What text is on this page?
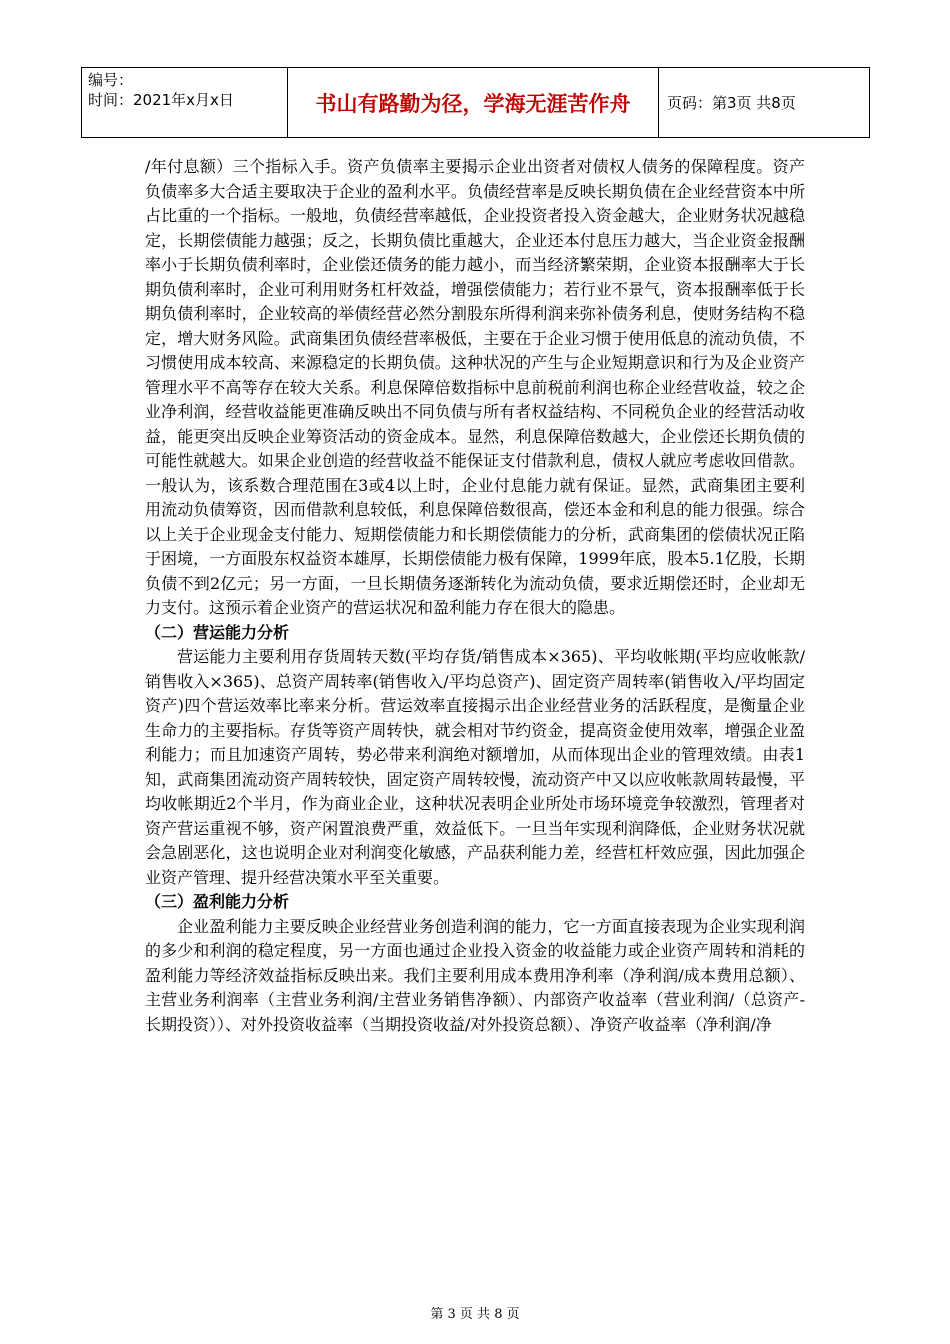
编号：
时间：2021年x月x日	书山有路勤为径，学海无涯苦作舟	页码：第3页 共8页

/年付息额）三个指标入手。资产负债率主要揭示企业出资者对债权人债务的保障程度。资产负债率多大合适主要取决于企业的盈利水平。负债经营率是反映长期负债在企业经营资本中所占比重的一个指标。一般地，负债经营率越低，企业投资者投入资金越大，企业财务状况越稳定，长期偿债能力越强；反之，长期负债比重越大，企业还本付息压力越大，当企业资金报酬率小于长期负债利率时，企业偿还债务的能力越小，而当经济繁荣期，企业资本报酬率大于长期负债利率时，企业可利用财务杠杆效益，增强偿债能力；若行业不景气，资本报酬率低于长期负债利率时，企业较高的举债经营必然分割股东所得利润来弥补债务利息，使财务结构不稳定，增大财务风险。武商集团负债经营率极低，主要在于企业习惯于使用低息的流动负债，不习惯使用成本较高、来源稳定的长期负债。这种状况的产生与企业短期意识和行为及企业资产管理水平不高等存在较大关系。利息保障倍数指标中息前税前利润也称企业经营收益，较之企业净利润，经营收益能更准确反映出不同负债与所有者权益结构、不同税负企业的经营活动收益，能更突出反映企业筹资活动的资金成本。显然，利息保障倍数越大，企业偿还长期负债的可能性就越大。如果企业创造的经营收益不能保证支付借款利息，债权人就应考虑收回借款。一般认为，该系数合理范围在3或4以上时，企业付息能力就有保证。显然，武商集团主要利用流动负债筹资，因而借款利息较低，利息保障倍数很高，偿还本金和利息的能力很强。综合以上关于企业现金支付能力、短期偿债能力和长期偿债能力的分析，武商集团的偿债状况正陷于困境，一方面股东权益资本雄厚，长期偿债能力极有保障，1999年底，股本5.1亿股，长期负债不到2亿元；另一方面，一旦长期债务逐渐转化为流动负债，要求近期偿还时，企业却无力支付。这预示着企业资产的营运状况和盈利能力存在很大的隐患。

（二）营运能力分析

营运能力主要利用存货周转天数(平均存货/销售成本×365)、平均收帐期(平均应收帐款/销售收入×365)、总资产周转率(销售收入/平均总资产)、固定资产周转率(销售收入/平均固定资产)四个营运效率比率来分析。营运效率直接揭示出企业经营业务的活跃程度，是衡量企业生命力的主要指标。存货等资产周转快，就会相对节约资金，提高资金使用效率，增强企业盈利能力；而且加速资产周转，势必带来利润绝对额增加，从而体现出企业的管理效绩。由表1知，武商集团流动资产周转较快，固定资产周转较慢，流动资产中又以应收帐款周转最慢，平均收帐期近2个半月，作为商业企业，这种状况表明企业所处市场环境竞争较激烈，管理者对资产营运重视不够，资产闲置浪费严重，效益低下。一旦当年实现利润降低，企业财务状况就会急剧恶化，这也说明企业对利润变化敏感，产品获利能力差，经营杠杆效应强，因此加强企业资产管理、提升经营决策水平至关重要。

（三）盈利能力分析

企业盈利能力主要反映企业经营业务创造利润的能力，它一方面直接表现为企业实现利润的多少和利润的稳定程度，另一方面也通过企业投入资金的收益能力或企业资产周转和消耗的盈利能力等经济效益指标反映出来。我们主要利用成本费用净利率（净利润/成本费用总额）、主营业务利润率（主营业务利润/主营业务销售净额）、内部资产收益率（营业利润/（总资产-长期投资））、对外投资收益率（当期投资收益/对外投资总额）、净资产收益率（净利润/净

第 3 页 共 8 页
